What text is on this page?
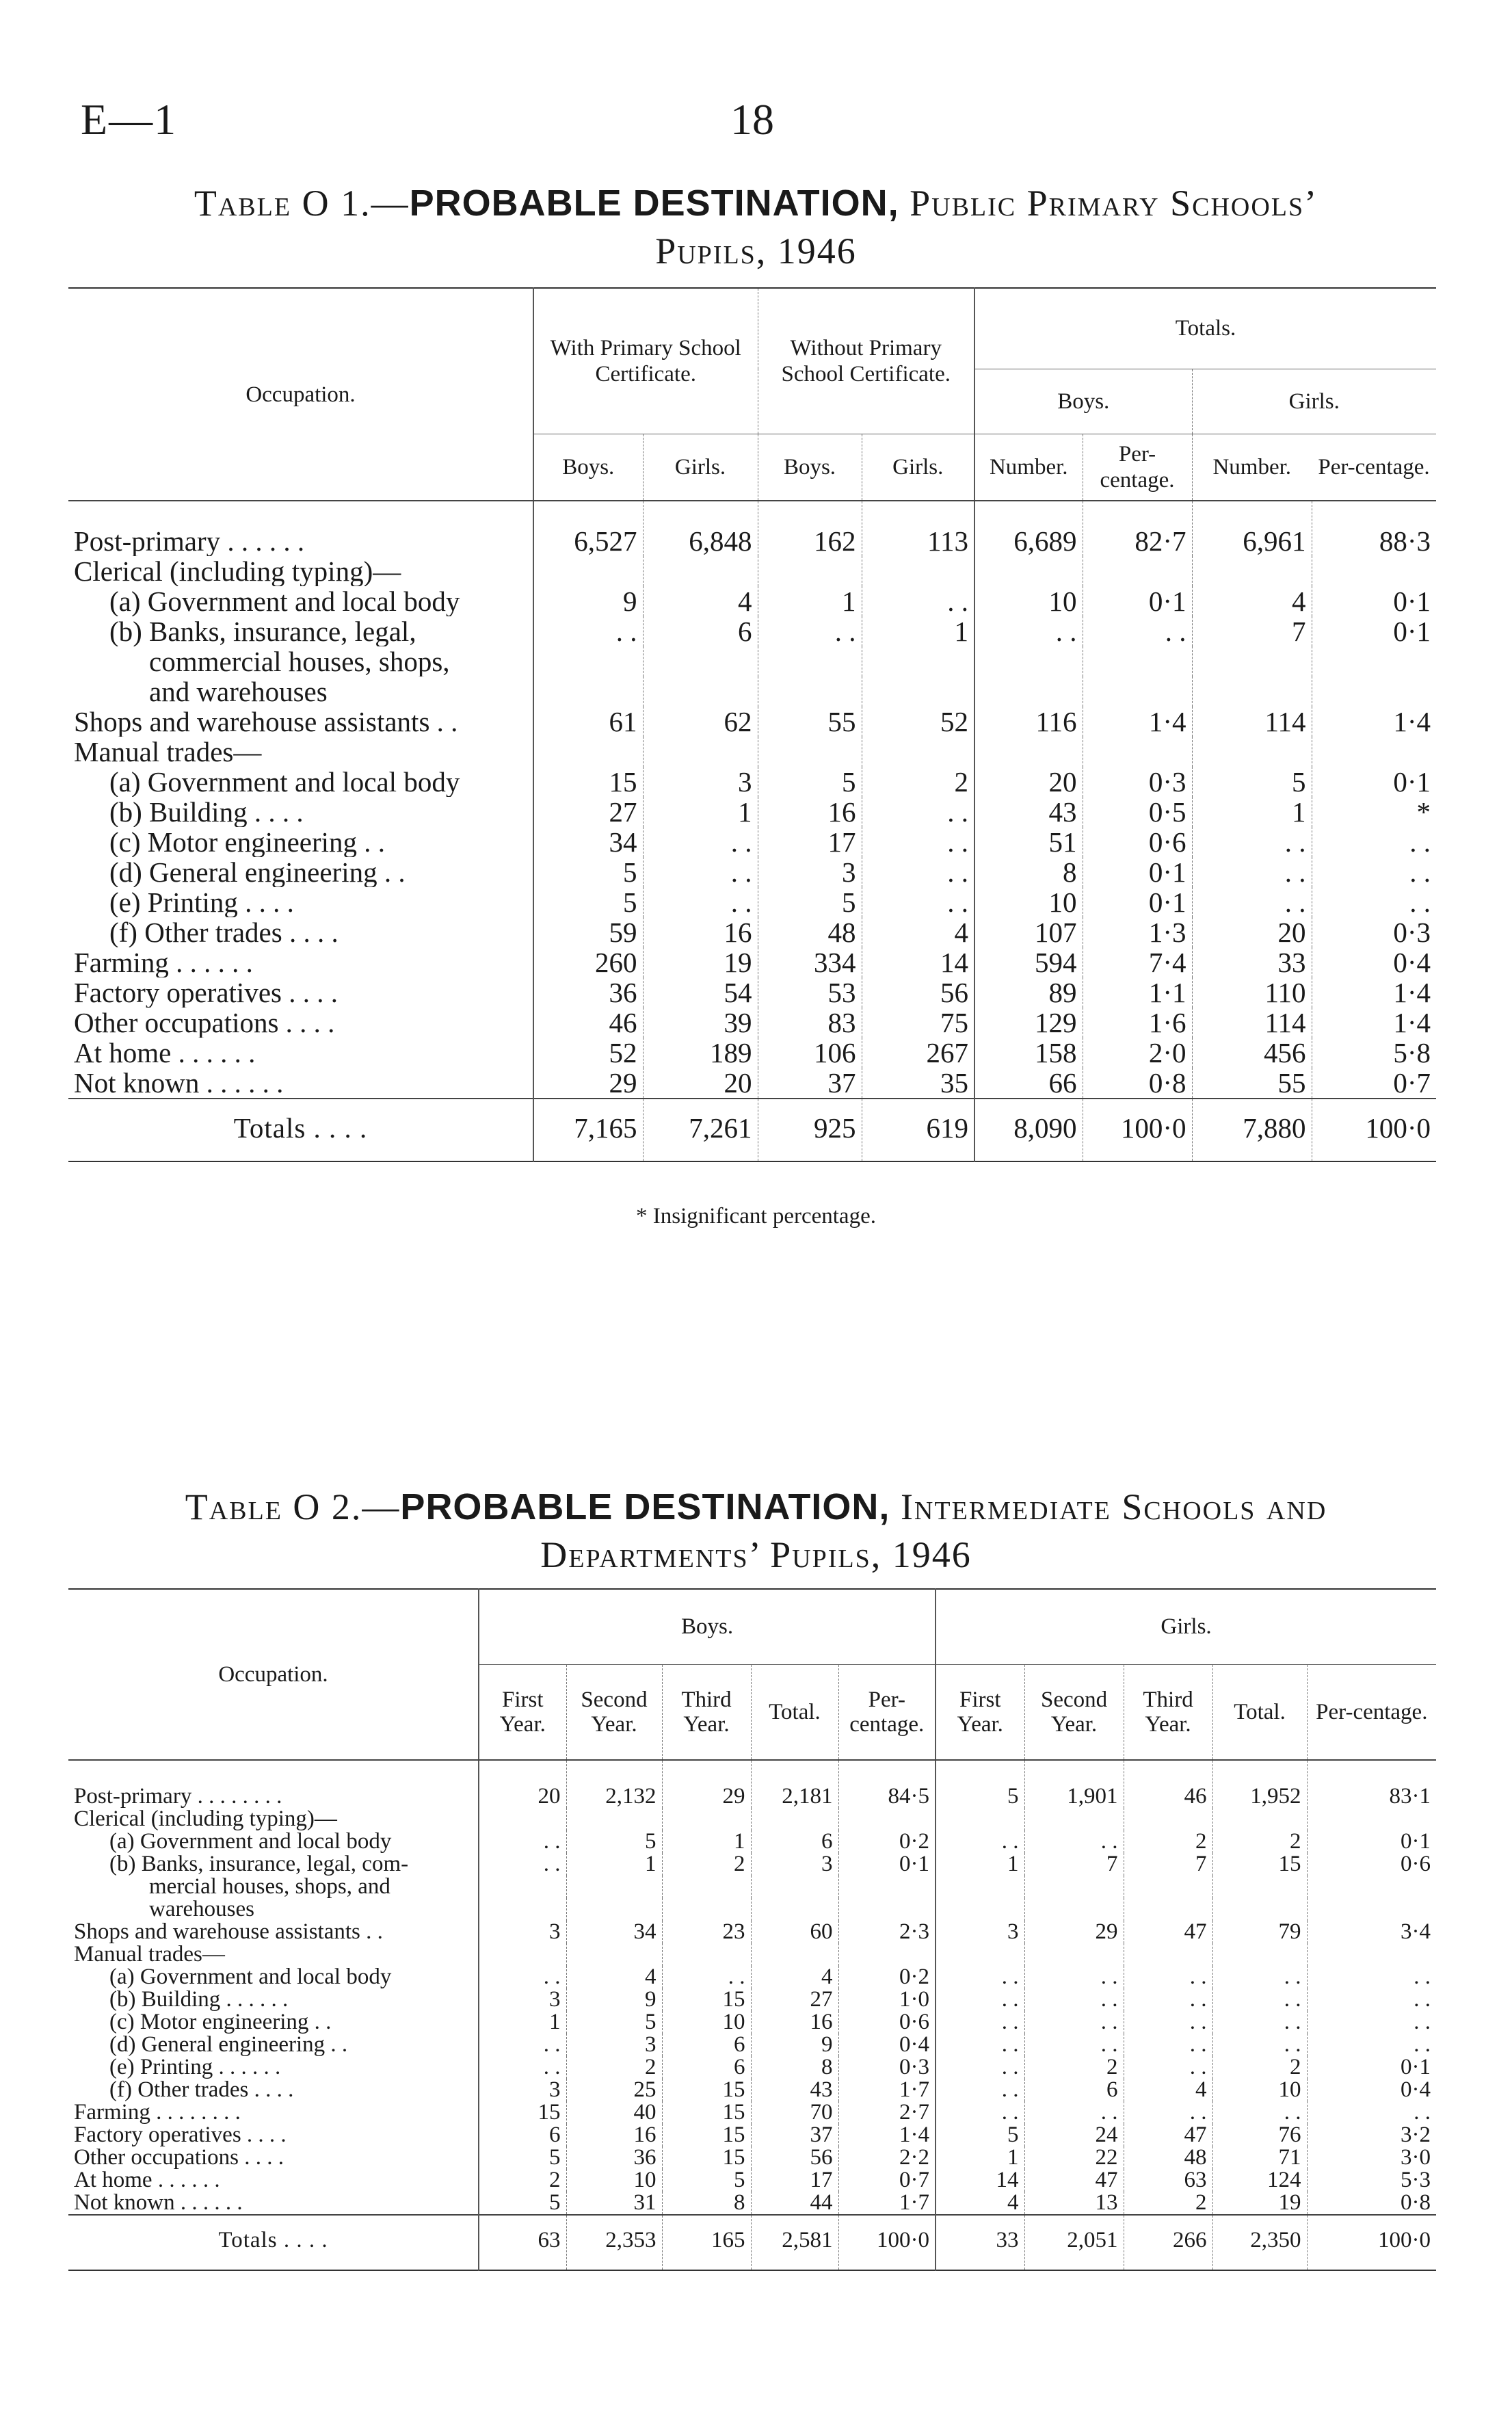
E—1	18
Table O 1.—PROBABLE DESTINATION, Public Primary Schools’
Pupils, 1946
Occupation.	With Primary School Certificate.		Without Primary School Certificate.		Totals.			
					Boys.		Girls.	
	Boys.	Girls.	Boys.	Girls.	Number.	Per-centage.	Number.	Per-centage.
Post-primary . . . . . .	6,527	6,848	162	113	6,689	82·7	6,961	88·3
Clerical (including typing)—								

(a) Government and local body	9	4	1	. .	10	0·1	4	0·1

(b) Banks, insurance, legal,	. .	6	. .	1	. .	. .	7	0·1

commercial houses, shops,								

and warehouses								

Shops and warehouse assistants . .	61	62	55	52	116	1·4	114	1·4
Manual trades—								

(a) Government and local body	15	3	5	2	20	0·3	5	0·1

(b) Building . . . .	27	1	16	. .	43	0·5	1	*

(c) Motor engineering . .	34	. .	17	. .	51	0·6	. .	. .

(d) General engineering . .	5	. .	3	. .	8	0·1	. .	. .

(e) Printing . . . .	5	. .	5	. .	10	0·1	. .	. .

(f) Other trades . . . .	59	16	48	4	107	1·3	20	0·3
Farming . . . . . .	260	19	334	14	594	7·4	33	0·4
Factory operatives . . . .	36	54	53	56	89	1·1	110	1·4
Other occupations . . . .	46	39	83	75	129	1·6	114	1·4
At home . . . . . .	52	189	106	267	158	2·0	456	5·8
Not known . . . . . .	29	20	37	35	66	0·8	55	0·7
Totals . . . .	7,165	7,261	925	619	8,090	100·0	7,880	100·0
* Insignificant percentage.
Table O 2.—PROBABLE DESTINATION, Intermediate Schools and
Departments’ Pupils, 1946
Occupation.	Boys.					Girls.				
	First Year.	Second Year.	Third Year.	Total.	Per-centage.	First Year.	Second Year.	Third Year.	Total.	Per-centage.
Post-primary . . . . . . . .	20	2,132	29	2,181	84·5	5	1,901	46	1,952	83·1
Clerical (including typing)—										

(a) Government and local body	. .	5	1	6	0·2	. .	. .	2	2	0·1

(b) Banks, insurance, legal, com-	. .	1	2	3	0·1	1	7	7	15	0·6

mercial houses, shops, and										

warehouses										

Shops and warehouse assistants . .	3	34	23	60	2·3	3	29	47	79	3·4
Manual trades—										

(a) Government and local body	. .	4	. .	4	0·2	. .	. .	. .	. .	. .

(b) Building . . . . . .	3	9	15	27	1·0	. .	. .	. .	. .	. .

(c) Motor engineering . .	1	5	10	16	0·6	. .	. .	. .	. .	. .

(d) General engineering . .	. .	3	6	9	0·4	. .	. .	. .	. .	. .

(e) Printing . . . . . .	. .	2	6	8	0·3	. .	2	. .	2	0·1

(f) Other trades . . . .	3	25	15	43	1·7	. .	6	4	10	0·4
Farming . . . . . . . .	15	40	15	70	2·7	. .	. .	. .	. .	. .
Factory operatives . . . .	6	16	15	37	1·4	5	24	47	76	3·2
Other occupations . . . .	5	36	15	56	2·2	1	22	48	71	3·0
At home . . . . . .	2	10	5	17	0·7	14	47	63	124	5·3
Not known . . . . . .	5	31	8	44	1·7	4	13	2	19	0·8
Totals . . . .	63	2,353	165	2,581	100·0	33	2,051	266	2,350	100·0
